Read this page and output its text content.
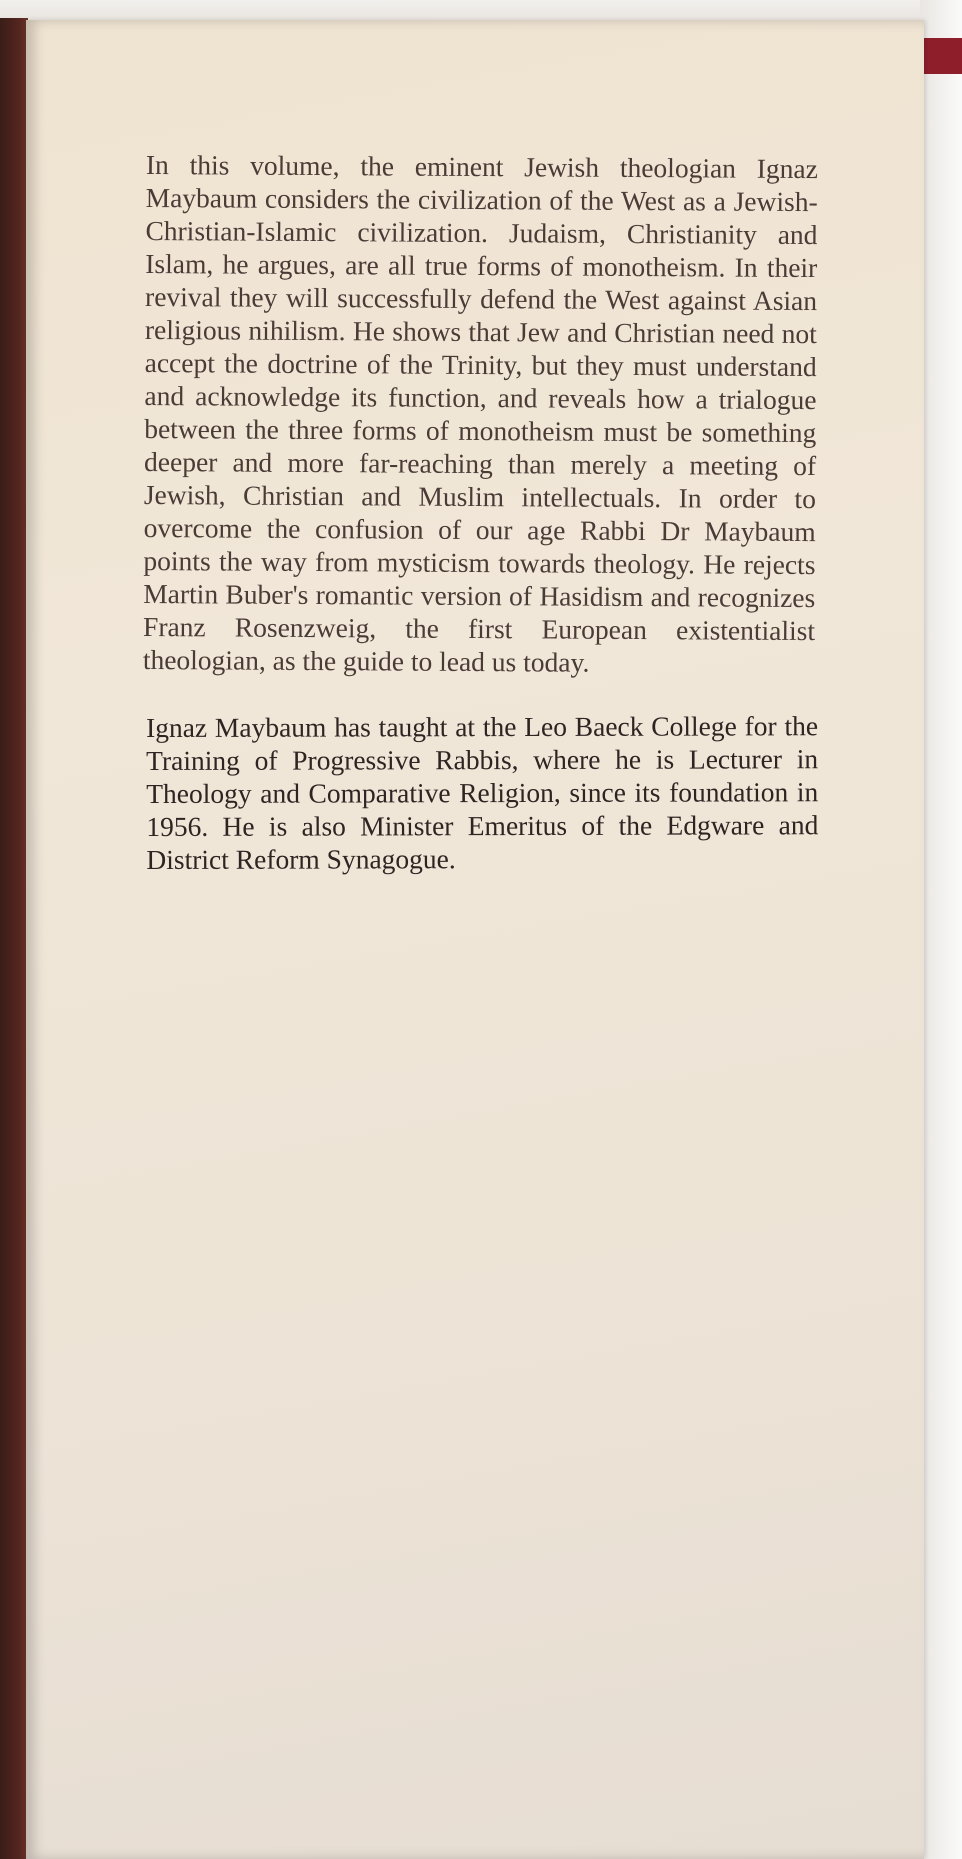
In this volume, the eminent Jewish theologian Ignaz Maybaum considers the civilization of the West as a Jewish-Christian-Islamic civilization. Judaism, Christianity and Islam, he argues, are all true forms of monotheism. In their revival they will successfully defend the West against Asian religious nihilism. He shows that Jew and Christian need not accept the doctrine of the Trinity, but they must understand and acknowledge its function, and reveals how a trialogue between the three forms of monotheism must be something deeper and more far-reaching than merely a meeting of Jewish, Christian and Muslim intellectuals. In order to overcome the confusion of our age Rabbi Dr Maybaum points the way from mysticism towards theology. He rejects Martin Buber's romantic version of Hasidism and recognizes Franz Rosenzweig, the first European existentialist theologian, as the guide to lead us today.

Ignaz Maybaum has taught at the Leo Baeck College for the Training of Progressive Rabbis, where he is Lecturer in Theology and Comparative Religion, since its foundation in 1956. He is also Minister Emeritus of the Edgware and District Reform Synagogue.
